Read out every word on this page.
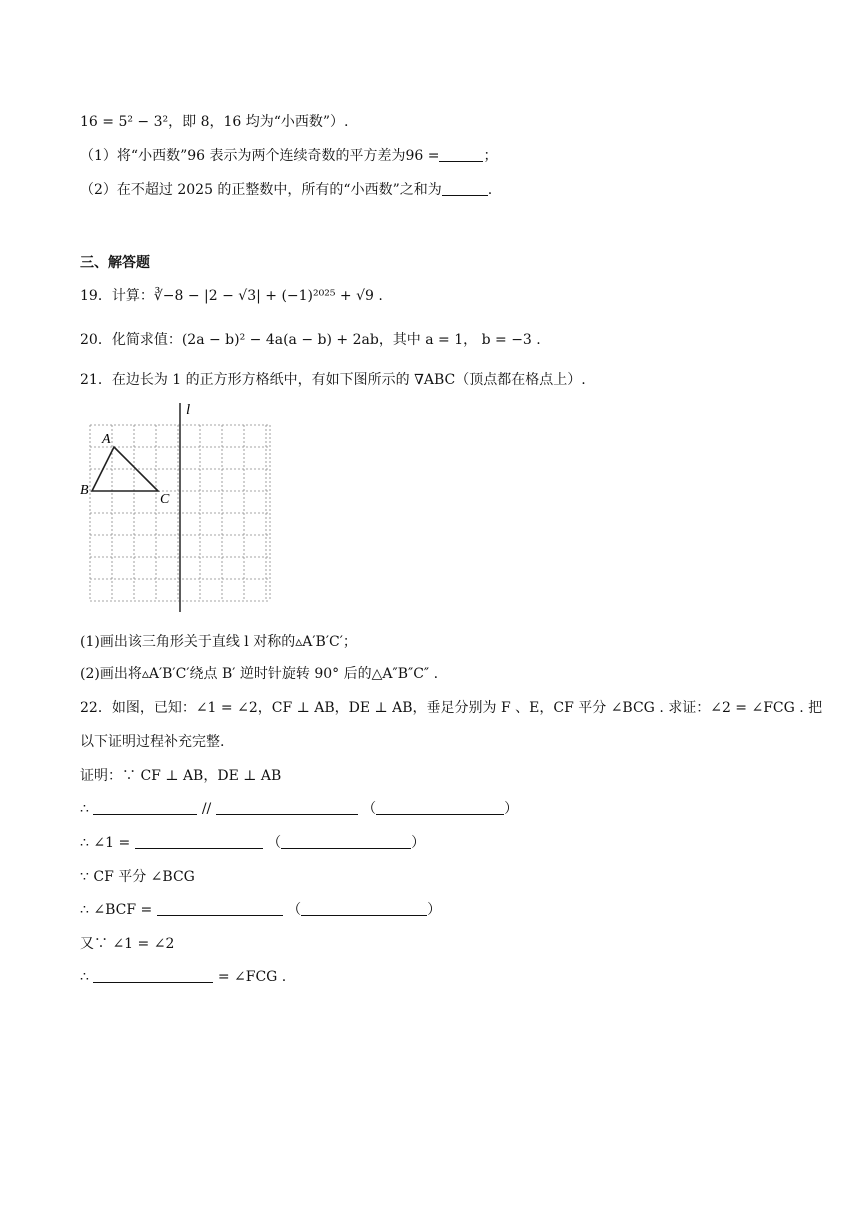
16 = 5² − 3²，即 8，16 均为“小西数”）.
（1）将“小西数”96 表示为两个连续奇数的平方差为96 =	；
（2）在不超过 2025 的正整数中，所有的“小西数”之和为	.
三、解答题
19．计算：∛−8 − |2 − √3| + (−1)²⁰²⁵ + √9 .
20．化简求值：(2a − b)² − 4a(a − b) + 2ab，其中 a = 1， b = −3 .
21．在边长为 1 的正方形方格纸中，有如下图所示的 ∇ABC（顶点都在格点上）.
l
A
B
C
(1)画出该三角形关于直线 l 对称的▵A′B′C′；
(2)画出将▵A′B′C′绕点 B′ 逆时针旋转 90° 后的△A″B″C″ .
22．如图，已知：∠1 = ∠2，CF ⊥ AB，DE ⊥ AB，垂足分别为 F 、E，CF 平分 ∠BCG . 求证：∠2 = ∠FCG . 把
以下证明过程补充完整.
证明：∵ CF ⊥ AB，DE ⊥ AB
∴	//	（	）
∴ ∠1 =	（	）
∵ CF 平分 ∠BCG
∴ ∠BCF =	（	）
又∵ ∠1 = ∠2
∴	= ∠FCG .
